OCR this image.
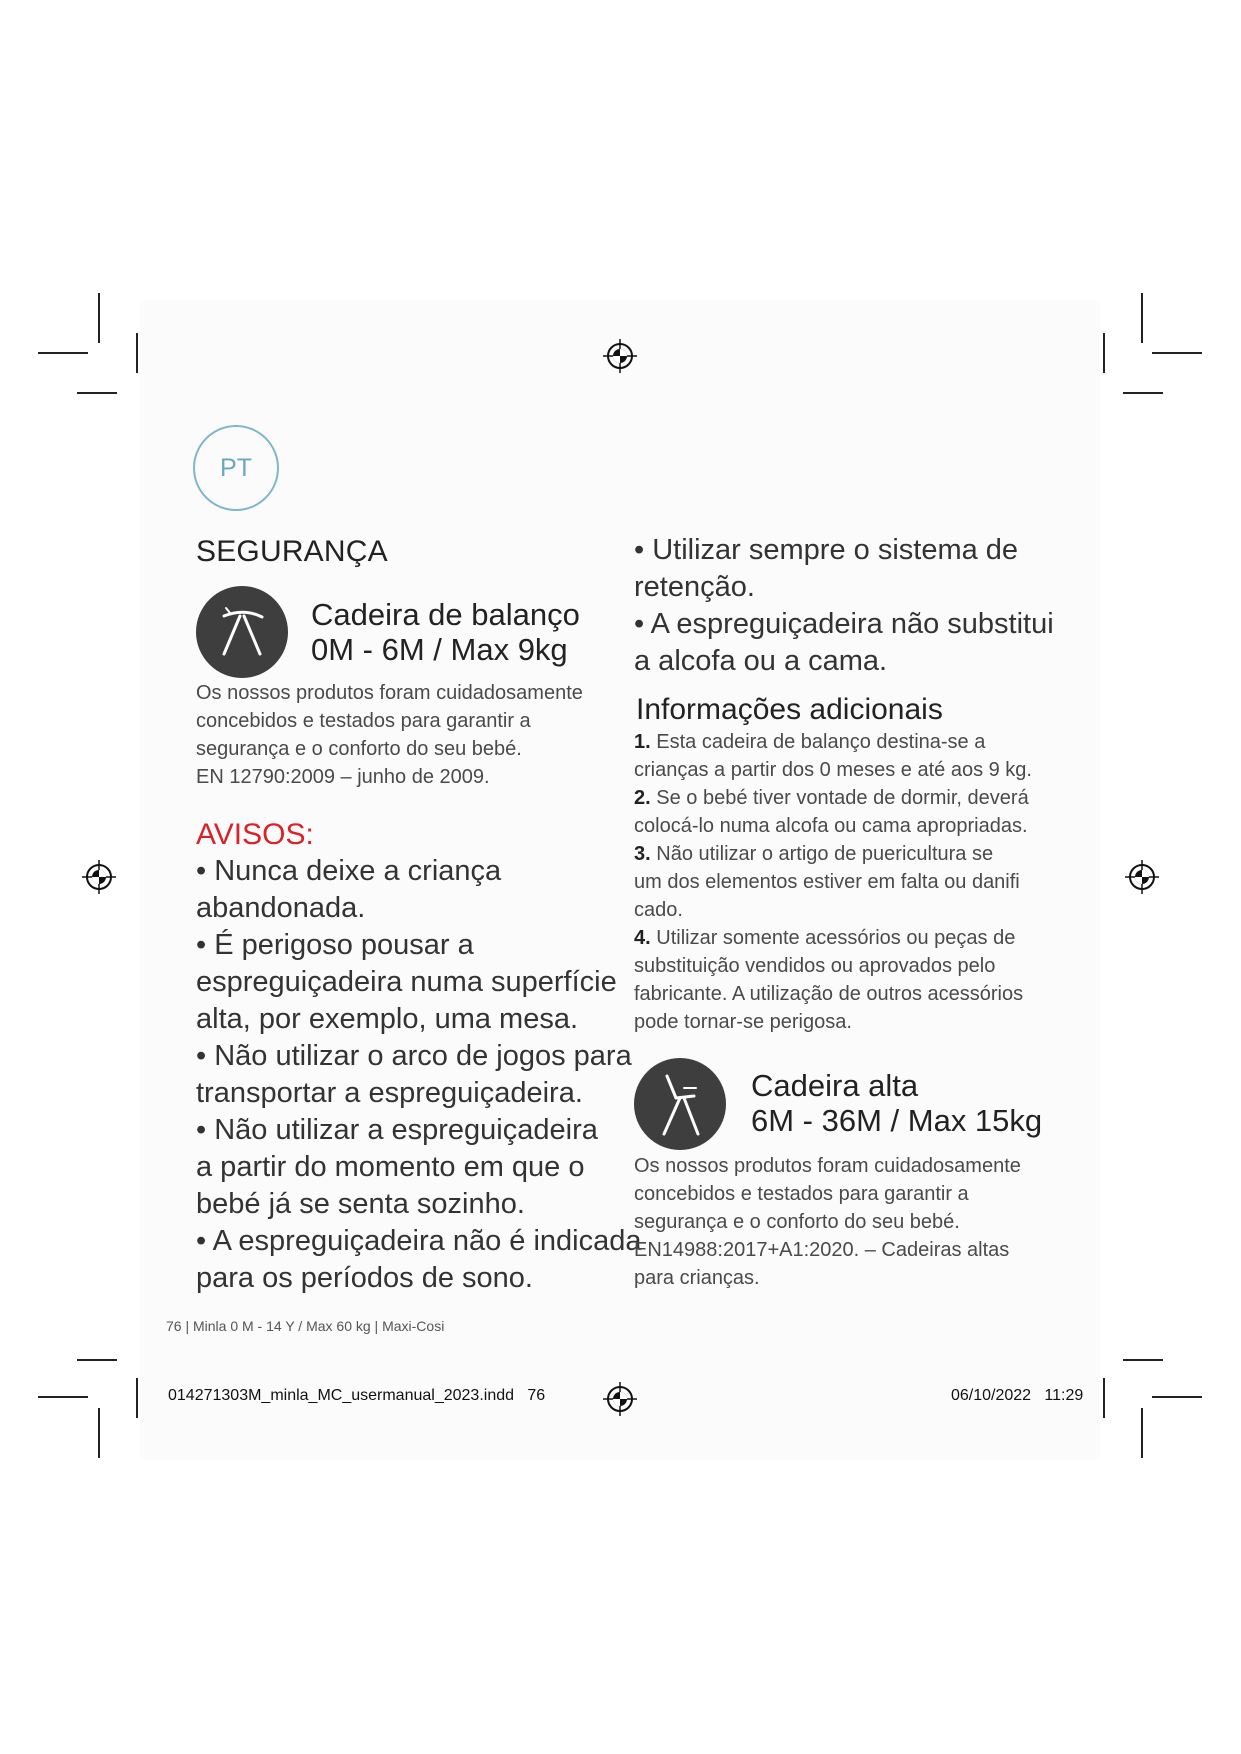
PT
SEGURANÇA
Cadeira de balanço
0M - 6M / Max 9kg
Os nossos produtos foram cuidadosamente
concebidos e testados para garantir a
segurança e o conforto do seu bebé.
EN 12790:2009 – junho de 2009.
AVISOS:
• Nunca deixe a criança
abandonada.
• É perigoso pousar a
espreguiçadeira numa superfície
alta, por exemplo, uma mesa.
• Não utilizar o arco de jogos para
transportar a espreguiçadeira.
• Não utilizar a espreguiçadeira
a partir do momento em que o
bebé já se senta sozinho.
• A espreguiçadeira não é indicada
para os períodos de sono.
• Utilizar sempre o sistema de
retenção.
• A espreguiçadeira não substitui
a alcofa ou a cama.
Informações adicionais
1. Esta cadeira de balanço destina-se a
crianças a partir dos 0 meses e até aos 9 kg.
2. Se o bebé tiver vontade de dormir, deverá
colocá-lo numa alcofa ou cama apropriadas.
3. Não utilizar o artigo de puericultura se
um dos elementos estiver em falta ou danifi
cado.
4. Utilizar somente acessórios ou peças de
substituição vendidos ou aprovados pelo
fabricante. A utilização de outros acessórios
pode tornar-se perigosa.
Cadeira alta
6M - 36M / Max 15kg
Os nossos produtos foram cuidadosamente
concebidos e testados para garantir a
segurança e o conforto do seu bebé.
EN14988:2017+A1:2020. – Cadeiras altas
para crianças.
76 | Minla 0 M - 14 Y / Max 60 kg | Maxi-Cosi
014271303M_minla_MC_usermanual_2023.indd   76	06/10/2022   11:29
